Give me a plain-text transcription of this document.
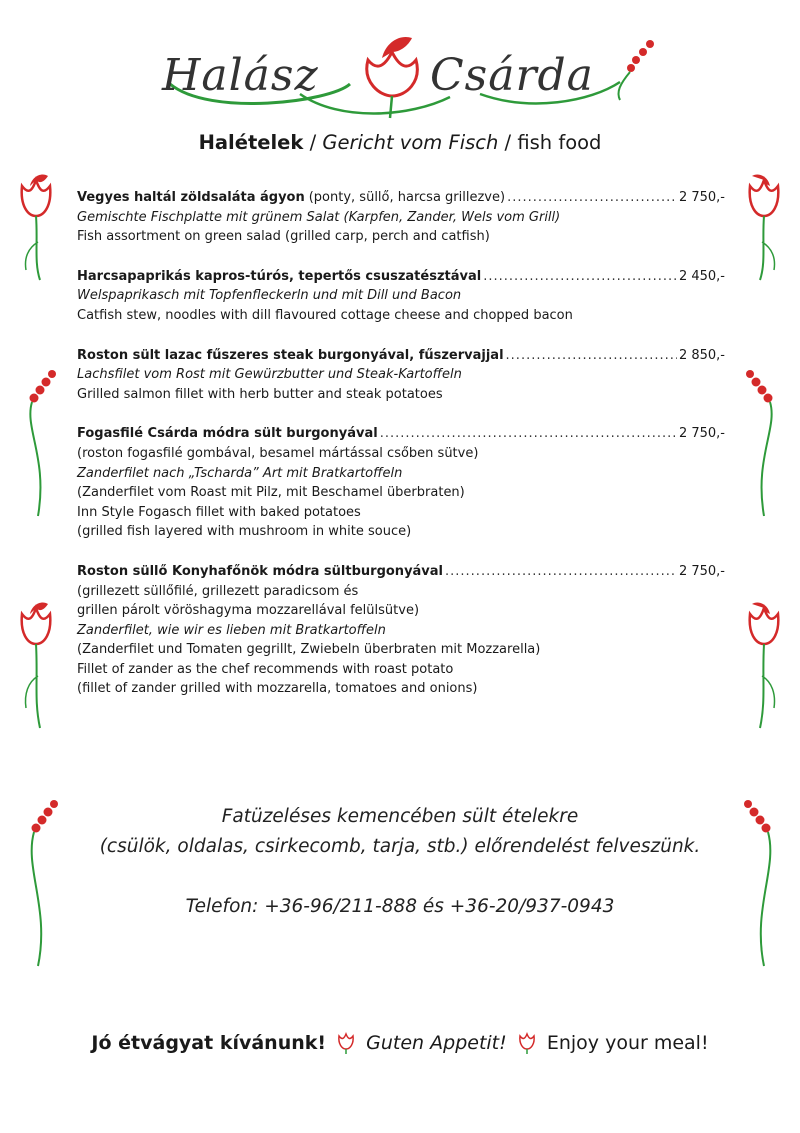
Halász	Csárda
Halételek / Gericht vom Fisch / fish food
Vegyes haltál zöldsaláta ágyon (ponty, süllő, harcsa grillezve) .....	2 750,-
Gemischte Fischplatte mit grünem Salat (Karpfen, Zander, Wels vom Grill)
Fish assortment on green salad (grilled carp, perch and catfish)
Harcsapaprikás kapros-túrós, tepertős csuszatésztával .....	2 450,-
Welspaprikasch mit Topfenfleckerln und mit Dill und Bacon
Catfish stew, noodles with dill flavoured cottage cheese and chopped bacon
Roston sült lazac fűszeres steak burgonyával, fűszervajjal .....	2 850,-
Lachsfilet vom Rost mit Gewürzbutter und Steak-Kartoffeln
Grilled salmon fillet with herb butter and steak potatoes
Fogasfilé Csárda módra sült burgonyával .....	2 750,-
(roston fogasfilé gombával, besamel mártással csőben sütve)
Zanderfilet nach „Tscharda” Art mit Bratkartoffeln
(Zanderfilet vom Roast mit Pilz, mit Beschamel überbraten)
Inn Style Fogasch fillet with baked potatoes
(grilled fish layered with mushroom in white souce)
Roston süllő Konyhafőnök módra sültburgonyával .....	2 750,-
(grillezett süllőfilé, grillezett paradicsom és
grillen párolt vöröshagyma mozzarellával felülsütve)
Zanderfilet, wie wir es lieben mit Bratkartoffeln
(Zanderfilet und Tomaten gegrillt, Zwiebeln überbraten mit Mozzarella)
Fillet of zander as the chef recommends with roast potato
(fillet of zander grilled with mozzarella, tomatoes and onions)
Fatüzeléses kemencében sült ételekre
(csülök, oldalas, csirkecomb, tarja, stb.) előrendelést felveszünk.
Telefon: +36-96/211-888 és +36-20/937-0943
Jó étvágyat kívánunk! Guten Appetit! Enjoy your meal!
